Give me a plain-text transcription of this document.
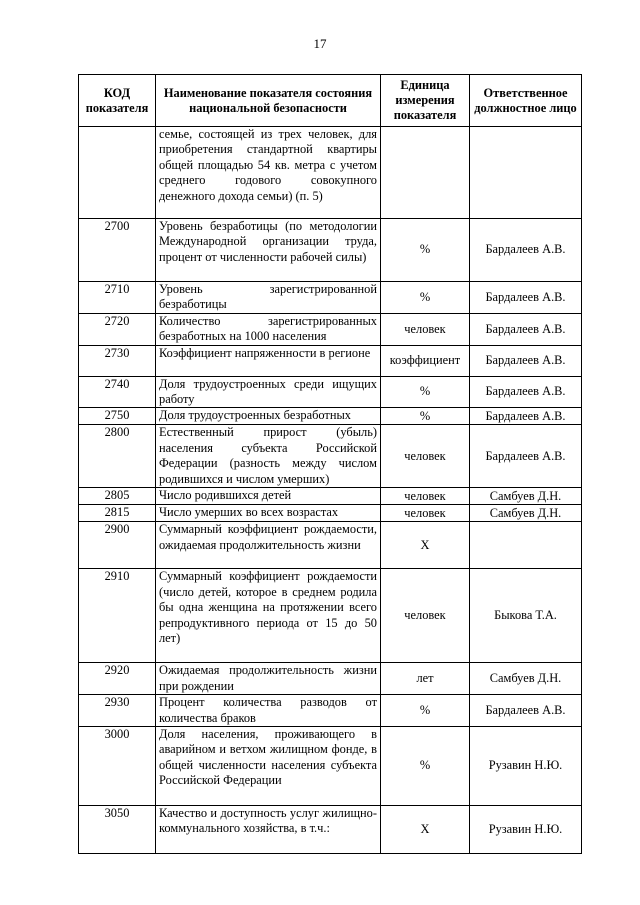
17
КОД показателя	Наименование показателя состояния национальной безопасности	Единица измерения показателя	Ответственное должностное лицо
	семье, состоящей из трех человек, для приобретения стандартной квартиры общей площадью 54 кв. метра с учетом среднего годового совокупного денежного дохода семьи) (п. 5)		
2700	Уровень безработицы (по методологии Международной организации труда, процент от численности рабочей силы)	%	Бардалеев А.В.
2710	Уровень зарегистрированной безработицы	%	Бардалеев А.В.
2720	Количество зарегистрированных безработных на 1000 населения	человек	Бардалеев А.В.
2730	Коэффициент напряженности в регионе	коэффициент	Бардалеев А.В.
2740	Доля трудоустроенных среди ищущих работу	%	Бардалеев А.В.
2750	Доля трудоустроенных безработных	%	Бардалеев А.В.
2800	Естественный прирост (убыль) населения субъекта Российской Федерации (разность между числом родившихся и числом умерших)	человек	Бардалеев А.В.
2805	Число родившихся детей	человек	Самбуев Д.Н.
2815	Число умерших во всех возрастах	человек	Самбуев Д.Н.
2900	Суммарный коэффициент рождаемости, ожидаемая продолжительность жизни	Х	
2910	Суммарный коэффициент рождаемости (число детей, которое в среднем родила бы одна женщина на протяжении всего репродуктивного периода от 15 до 50 лет)	человек	Быкова Т.А.
2920	Ожидаемая продолжительность жизни при рождении	лет	Самбуев Д.Н.
2930	Процент количества разводов от количества браков	%	Бардалеев А.В.
3000	Доля населения, проживающего в аварийном и ветхом жилищном фонде, в общей численности населения субъекта Российской Федерации	%	Рузавин Н.Ю.
3050	Качество и доступность услуг жилищно-коммунального хозяйства, в т.ч.:	Х	Рузавин Н.Ю.
